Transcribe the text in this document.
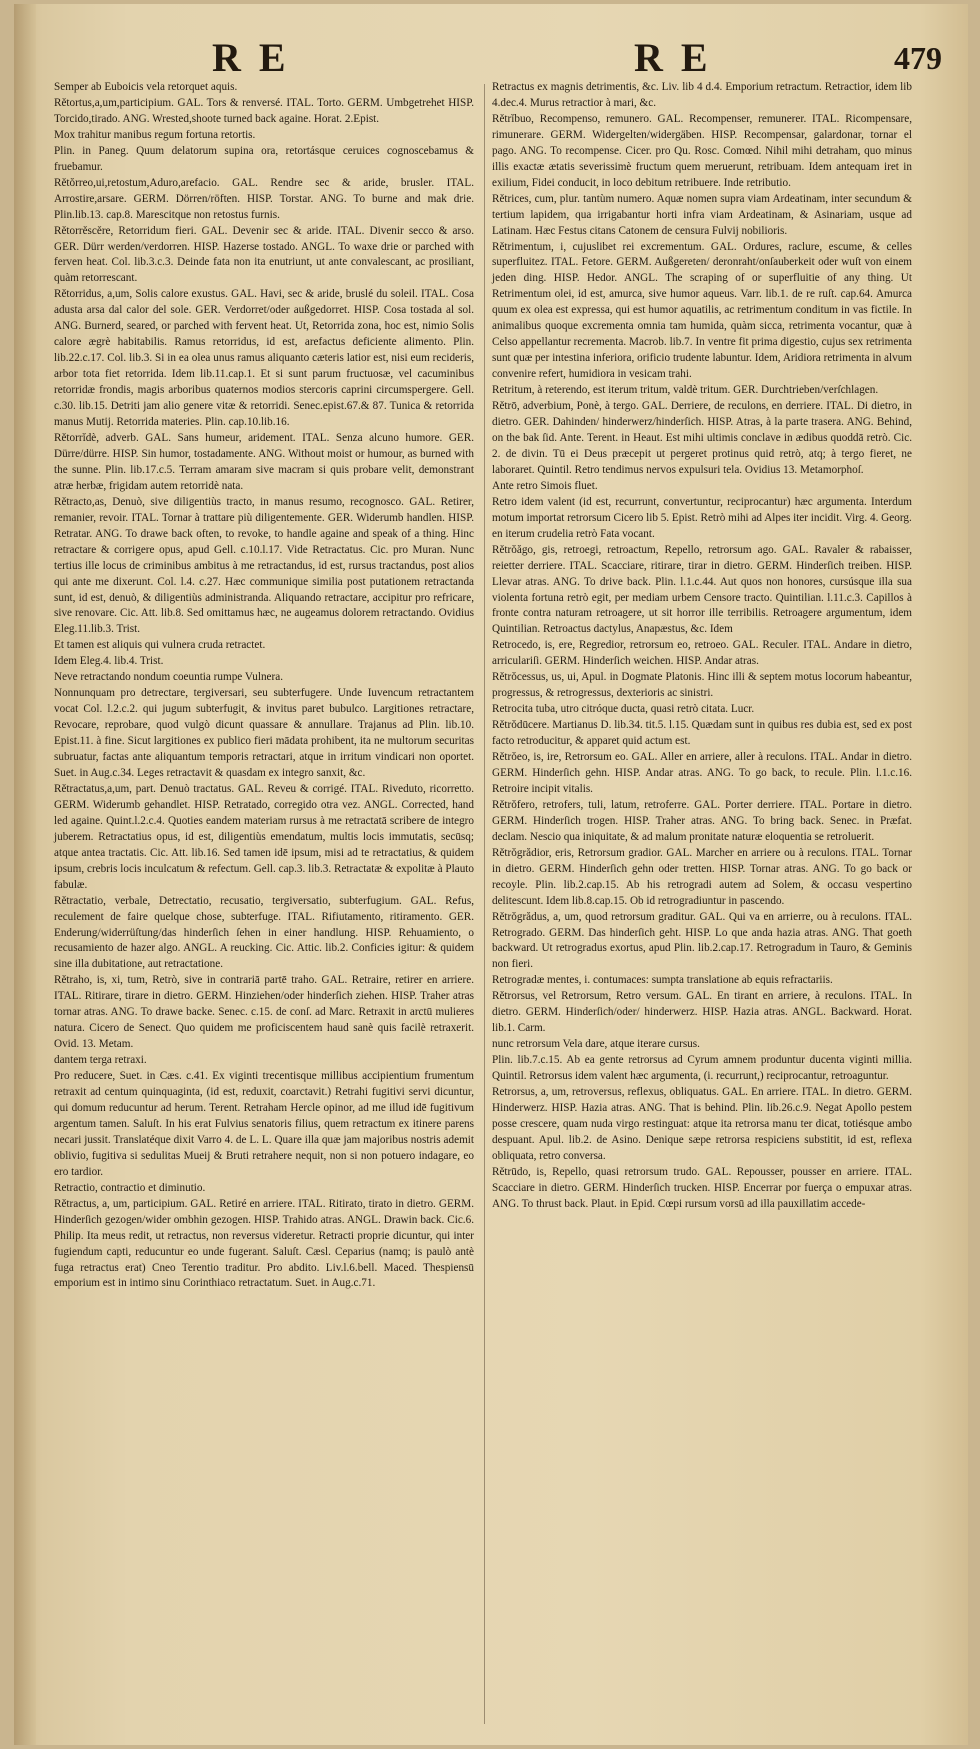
R E	R E	479

Semper ab Euboicis vela retorquet aquis.

Rětortus,a,um,participium. GAL. Tors & renversé. ITAL. Torto. GERM. Umbgetrehet HISP. Torcido,tirado. ANG. Wrested,shoote turned back againe. Horat. 2.Epist.

Mox trahitur manibus regum fortuna retortis.

Plin. in Paneg. Quum delatorum supina ora, retortásque ceruices cognoscebamus & fruebamur.

Rětŏrreo,ui,retostum,Aduro,arefacio. GAL. Rendre sec & aride, brusler. ITAL. Arrostire,arsare. GERM. Dörren/röften. HISP. Torstar. ANG. To burne and mak drie. Plin.lib.13. cap.8. Marescitque non retostus furnis.

Rětorrěscěre, Retorridum fieri. GAL. Devenir sec & aride. ITAL. Divenir secco & arso. GER. Dürr werden/verdorren. HISP. Hazerse tostado. ANGL. To waxe drie or parched with ferven heat. Col. lib.3.c.3. Deinde fata non ita enutriunt, ut ante convalescant, ac prosiliant, quàm retorrescant.

Rětorridus, a,um, Solis calore exustus. GAL. Havi, sec & aride, bruslé du soleil. ITAL. Cosa adusta arsa dal calor del sole. GER. Verdorret/oder außgedorret. HISP. Cosa tostada al sol. ANG. Burnerd, seared, or parched with fervent heat. Ut, Retorrida zona, hoc est, nimio Solis calore ægrè habitabilis. Ramus retorridus, id est, arefactus deficiente alimento. Plin. lib.22.c.17. Col. lib.3. Si in ea olea unus ramus aliquanto cæteris latior est, nisi eum recideris, arbor tota fiet retorrida. Idem lib.11.cap.1. Et si sunt parum fructuosæ, vel cacuminibus retorridæ frondis, magis arboribus quaternos modios stercoris caprini circumspergere. Gell. c.30. lib.15. Detriti jam alio genere vitæ & retorridi. Senec.epist.67.& 87. Tunica & retorrida manus Mutij. Retorrida materies. Plin. cap.10.lib.16.

Rětorrĭdè, adverb. GAL. Sans humeur, aridement. ITAL. Senza alcuno humore. GER. Dürre/dürre. HISP. Sin humor, tostadamente. ANG. Without moist or humour, as burned with the sunne. Plin. lib.17.c.5. Terram amaram sive macram si quis probare velit, demonstrant atræ herbæ, frigidam autem retorridè nata.

Rětracto,as, Denuò, sive diligentiùs tracto, in manus resumo, recognosco. GAL. Retirer, remanier, revoir. ITAL. Tornar à trattare più diligentemente. GER. Widerumb handlen. HISP. Retratar. ANG. To drawe back often, to revoke, to handle againe and speak of a thing. Hinc retractare & corrigere opus, apud Gell. c.10.l.17. Vide Retractatus. Cic. pro Muran. Nunc tertius ille locus de criminibus ambitus à me retractandus, id est, rursus tractandus, post alios qui ante me dixerunt. Col. l.4. c.27. Hæc communique similia post putationem retractanda sunt, id est, denuò, & diligentiùs administranda. Aliquando retractare, accipitur pro refricare, sive renovare. Cic. Att. lib.8. Sed omittamus hæc, ne augeamus dolorem retractando. Ovidius Eleg.11.lib.3. Trist.

Et tamen est aliquis qui vulnera cruda retractet.

Idem Eleg.4. lib.4. Trist.

Neve retractando nondum coeuntia rumpe Vulnera.

Nonnunquam pro detrectare, tergiversari, seu subterfugere. Unde Iuvencum retractantem vocat Col. l.2.c.2. qui jugum subterfugit, & invitus paret bubulco. Largitiones retractare, Revocare, reprobare, quod vulgò dicunt quassare & annullare. Trajanus ad Plin. lib.10. Epist.11. à fine. Sicut largitiones ex publico fieri mādata prohibent, ita ne multorum securitas subruatur, factas ante aliquantum temporis retractari, atque in irritum vindicari non oportet. Suet. in Aug.c.34. Leges retractavit & quasdam ex integro sanxit, &c.

Rětractatus,a,um, part. Denuò tractatus. GAL. Reveu & corrigé. ITAL. Riveduto, ricorretto. GERM. Widerumb gehandlet. HISP. Retratado, corregido otra vez. ANGL. Corrected, hand led againe. Quint.l.2.c.4. Quoties eandem materiam rursus à me retractatā scribere de integro juberem. Retractatius opus, id est, diligentiùs emendatum, multis locis immutatis, secūsq; atque antea tractatis. Cic. Att. lib.16. Sed tamen idē ipsum, misi ad te retractatius, & quidem ipsum, crebris locis inculcatum & refectum. Gell. cap.3. lib.3. Retractatæ & expolitæ à Plauto fabulæ.

Rětractatio, verbale, Detrectatio, recusatio, tergiversatio, subterfugium. GAL. Refus, reculement de faire quelque chose, subterfuge. ITAL. Rifiutamento, ritiramento. GER. Enderung/widerrüſtung/das hinderſich ſehen in einer handlung. HISP. Rehuamiento, o recusamiento de hazer algo. ANGL. A reucking. Cic. Attic. lib.2. Conficies igitur: & quidem sine illa dubitatione, aut retractatione.

Rětraho, is, xi, tum, Retrò, sive in contrariā partē traho. GAL. Retraire, retirer en arriere. ITAL. Ritirare, tirare in dietro. GERM. Hinziehen/oder hinderſich ziehen. HISP. Traher atras tornar atras. ANG. To drawe backe. Senec. c.15. de conſ. ad Marc. Retraxit in arctū mulieres natura. Cicero de Senect. Quo quidem me proficiscentem haud sanè quis facilè retraxerit. Ovid. 13. Metam.

dantem terga retraxi.

Pro reducere, Suet. in Cæs. c.41. Ex viginti trecentisque millibus accipientium frumentum retraxit ad centum quinquaginta, (id est, reduxit, coarctavit.) Retrahi fugitivi servi dicuntur, qui domum reducuntur ad herum. Terent. Retraham Hercle opinor, ad me illud idē fugitivum argentum tamen. Saluſt. In his erat Fulvius senatoris filius, quem retractum ex itinere parens necari jussit. Translatéque dixit Varro 4. de L. L. Quare illa quæ jam majoribus nostris ademit oblivio, fugitiva si sedulitas Mueij & Bruti retrahere nequit, non si non potuero indagare, eo ero tardior.

Retractio, contractio et diminutio.

Rětractus, a, um, participium. GAL. Retiré en arriere. ITAL. Ritirato, tirato in dietro. GERM. Hinderſich gezogen/wider ombhin gezogen. HISP. Trahido atras. ANGL. Drawin back. Cic.6. Philip. Ita meus redit, ut retractus, non reversus videretur. Retracti proprie dicuntur, qui inter fugiendum capti, reducuntur eo unde fugerant. Saluſt. Cæsl. Ceparius (namq; is paulò antè fuga retractus erat) Cneo Terentio traditur. Pro abdito. Liv.l.6.bell. Maced. Thespiensū emporium est in intimo sinu Corinthiaco retractatum. Suet. in Aug.c.71.

Retractus ex magnis detrimentis, &c. Liv. lib 4 d.4. Emporium retractum. Retractior, idem lib 4.dec.4. Murus retractior à mari, &c.

Rětrĭbuo, Recompenso, remunero. GAL. Recompenser, remunerer. ITAL. Ricompensare, rimunerare. GERM. Widergelten/widergäben. HISP. Recompensar, galardonar, tornar el pago. ANG. To recompense. Cicer. pro Qu. Rosc. Comœd. Nihil mihi detraham, quo minus illis exactæ ætatis severissimè fructum quem meruerunt, retribuam. Idem antequam iret in exilium, Fidei conducit, in loco debitum retribuere. Inde retributio.

Rětrices, cum, plur. tantùm numero. Aquæ nomen supra viam Ardeatinam, inter secundum & tertium lapidem, qua irrigabantur horti infra viam Ardeatinam, & Asinariam, usque ad Latinam. Hæc Festus citans Catonem de censura Fulvij nobilioris.

Rětrimentum, i, cujuslibet rei excrementum. GAL. Ordures, raclure, escume, & celles superfluitez. ITAL. Fetore. GERM. Außgereten/ deronraht/onſauberkeit oder wuſt von einem jeden ding. HISP. Hedor. ANGL. The scraping of or superfluitie of any thing. Ut Retrimentum olei, id est, amurca, sive humor aqueus. Varr. lib.1. de re ruſt. cap.64. Amurca quum ex olea est expressa, qui est humor aquatilis, ac retrimentum conditum in vas fictile. In animalibus quoque excrementa omnia tam humida, quàm sicca, retrimenta vocantur, quæ à Celso appellantur recrementa. Macrob. lib.7. In ventre fit prima digestio, cujus sex retrimenta sunt quæ per intestina inferiora, orificio trudente labuntur. Idem, Aridiora retrimenta in alvum convenire refert, humidiora in vesicam trahi.

Retritum, à reterendo, est iterum tritum, valdè tritum. GER. Durchtrieben/verſchlagen.

Rětrō, adverbium, Ponè, à tergo. GAL. Derriere, de reculons, en derriere. ITAL. Di dietro, in dietro. GER. Dahinden/ hinderwerz/hinderſich. HISP. Atras, à la parte trasera. ANG. Behind, on the bak ſid. Ante. Terent. in Heaut. Est mihi ultimis conclave in ædibus quoddā retrò. Cic. 2. de divin. Tū ei Deus præcepit ut pergeret protinus quid retrò, atq; à tergo fieret, ne laboraret. Quintil. Retro tendimus nervos expulsuri tela. Ovidius 13. Metamorphoſ.

Ante retro Simois fluet.

Retro idem valent (id est, recurrunt, convertuntur, reciprocantur) hæc argumenta. Interdum motum importat retrorsum Cicero lib 5. Epist. Retrò mihi ad Alpes iter incidit. Virg. 4. Georg.

en iterum crudelia retrò Fata vocant.

Rětrŏăgo, gis, retroegi, retroactum, Repello, retrorsum ago. GAL. Ravaler & rabaisser, reietter derriere. ITAL. Scacciare, ritirare, tirar in dietro. GERM. Hinderſich treiben. HISP. Llevar atras. ANG. To drive back. Plin. l.1.c.44. Aut quos non honores, cursúsque illa sua violenta fortuna retrò egit, per mediam urbem Censore tracto. Quintilian. l.11.c.3. Capillos à fronte contra naturam retroagere, ut sit horror ille terribilis. Retroagere argumentum, idem Quintilian. Retroactus dactylus, Anapæstus, &c. Idem

Retrocedo, is, ere, Regredior, retrorsum eo, retroeo. GAL. Reculer. ITAL. Andare in dietro, arriculariſi. GERM. Hinderſich weichen. HISP. Andar atras.

Rětrŏcessus, us, ui, Apul. in Dogmate Platonis. Hinc illi & septem motus locorum habeantur, progressus, & retrogressus, dexterioris ac sinistri.

Retrocita tuba, utro citróque ducta, quasi retrò citata. Lucr.

Rětrŏdūcere. Martianus D. lib.34. tit.5. l.15. Quædam sunt in quibus res dubia est, sed ex post facto retroducitur, & apparet quid actum est.

Rětrŏeo, is, ire, Retrorsum eo. GAL. Aller en arriere, aller à reculons. ITAL. Andar in dietro. GERM. Hinderſich gehn. HISP. Andar atras. ANG. To go back, to recule. Plin. l.1.c.16. Retroire incipit vitalis.

Rětrŏfero, retrofers, tuli, latum, retroferre. GAL. Porter derriere. ITAL. Portare in dietro. GERM. Hinderſich trogen. HISP. Traher atras. ANG. To bring back. Senec. in Præfat. declam. Nescio qua iniquitate, & ad malum pronitate naturæ eloquentia se retroluerit.

Rětrŏgrădior, eris, Retrorsum gradior. GAL. Marcher en arriere ou à reculons. ITAL. Tornar in dietro. GERM. Hinderſich gehn oder tretten. HISP. Tornar atras. ANG. To go back or recoyle. Plin. lib.2.cap.15. Ab his retrogradi autem ad Solem, & occasu vespertino delitescunt. Idem lib.8.cap.15. Ob id retrogradiuntur in pascendo.

Rětrŏgrădus, a, um, quod retrorsum graditur. GAL. Qui va en arrierre, ou à reculons. ITAL. Retrogrado. GERM. Das hinderſich geht. HISP. Lo que anda hazia atras. ANG. That goeth backward. Ut retrogradus exortus, apud Plin. lib.2.cap.17. Retrogradum in Tauro, & Geminis non fieri.

Retrogradæ mentes, i. contumaces: sumpta translatione ab equis refractariis.

Rětrorsus, vel Retrorsum, Retro versum. GAL. En tirant en arriere, à reculons. ITAL. In dietro. GERM. Hinderſich/oder/ hinderwerz. HISP. Hazia atras. ANGL. Backward. Horat. lib.1. Carm.

nunc retrorsum Vela dare, atque iterare cursus.

Plin. lib.7.c.15. Ab ea gente retrorsus ad Cyrum amnem produntur ducenta viginti millia. Quintil. Retrorsus idem valent hæc argumenta, (i. recurrunt,) reciprocantur, retroaguntur.

Retrorsus, a, um, retroversus, reflexus, obliquatus. GAL. En arriere. ITAL. In dietro. GERM. Hinderwerz. HISP. Hazia atras. ANG. That is behind. Plin. lib.26.c.9. Negat Apollo pestem posse crescere, quam nuda virgo restinguat: atque ita retrorsa manu ter dicat, totiésque ambo despuant. Apul. lib.2. de Asino. Denique sæpe retrorsa respiciens substitit, id est, reflexa obliquata, retro conversa.

Rětrūdo, is, Repello, quasi retrorsum trudo. GAL. Repousser, pousser en arriere. ITAL. Scacciare in dietro. GERM. Hinderſich trucken. HISP. Encerrar por fuerça o empuxar atras. ANG. To thrust back. Plaut. in Epid. Cœpi rursum vorsū ad illa pauxillatim accede-
